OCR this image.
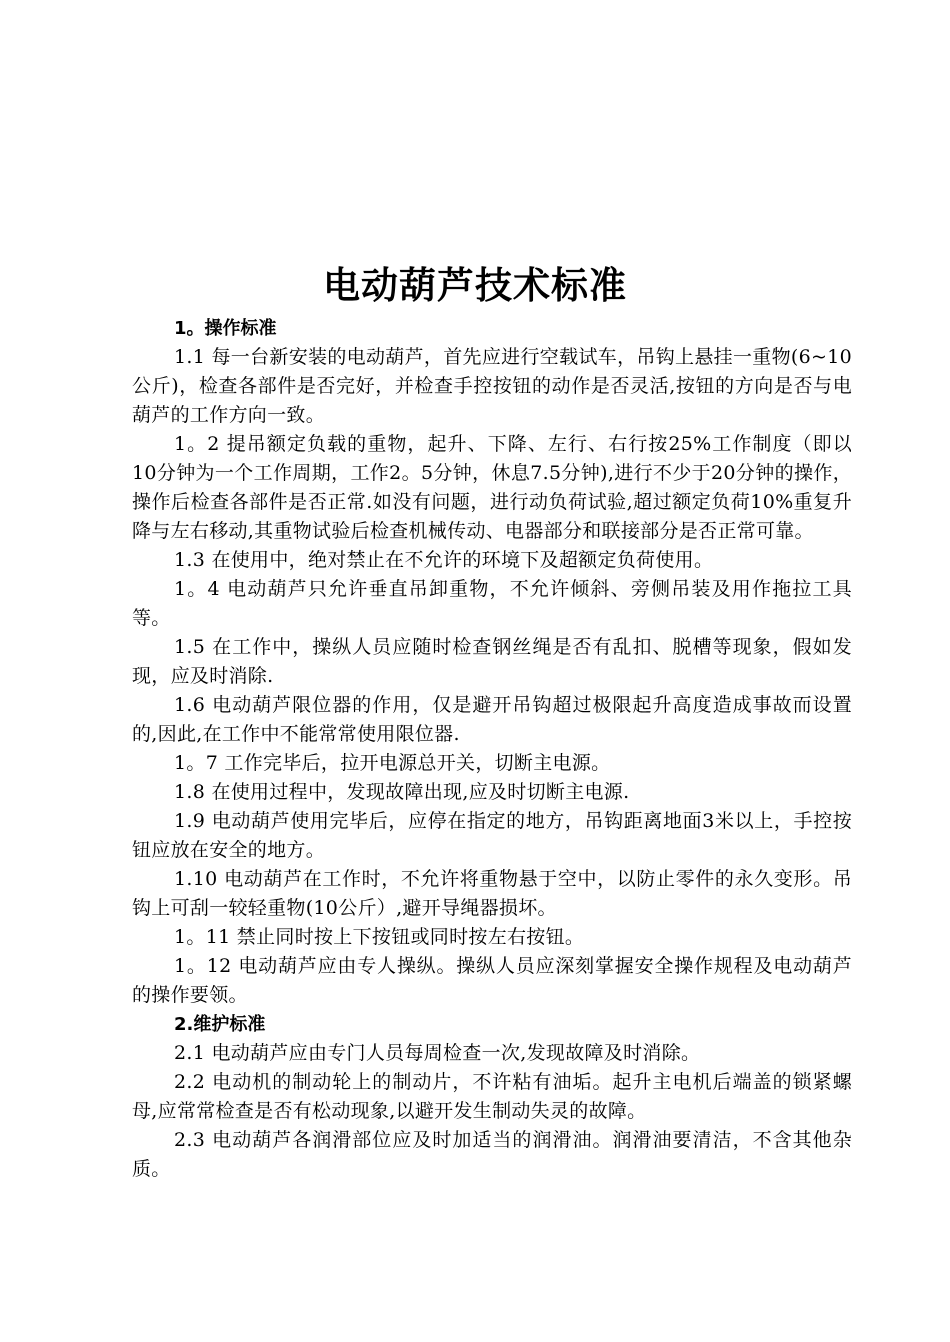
电动葫芦技术标准
1。操作标准

1.1 每一台新安装的电动葫芦，首先应进行空载试车，吊钩上悬挂一重物(6~10公斤)，检查各部件是否完好，并检查手控按钮的动作是否灵活,按钮的方向是否与电葫芦的工作方向一致。

1。2 提吊额定负载的重物，起升、下降、左行、右行按25%工作制度（即以10分钟为一个工作周期，工作2。5分钟，休息7.5分钟),进行不少于20分钟的操作，操作后检查各部件是否正常.如没有问题，进行动负荷试验,超过额定负荷10%重复升降与左右移动,其重物试验后检查机械传动、电器部分和联接部分是否正常可靠。

1.3 在使用中，绝对禁止在不允许的环境下及超额定负荷使用。

1。4 电动葫芦只允许垂直吊卸重物，不允许倾斜、旁侧吊装及用作拖拉工具等。

1.5 在工作中，操纵人员应随时检查钢丝绳是否有乱扣、脱槽等现象，假如发现，应及时消除.

1.6 电动葫芦限位器的作用，仅是避开吊钩超过极限起升高度造成事故而设置的,因此,在工作中不能常常使用限位器.

1。7 工作完毕后，拉开电源总开关，切断主电源。

1.8 在使用过程中，发现故障出现,应及时切断主电源.

1.9 电动葫芦使用完毕后，应停在指定的地方，吊钩距离地面3米以上，手控按钮应放在安全的地方。

1.10 电动葫芦在工作时，不允许将重物悬于空中，以防止零件的永久变形。吊钩上可刮一较轻重物(10公斤）,避开导绳器损坏。

1。11 禁止同时按上下按钮或同时按左右按钮。

1。12 电动葫芦应由专人操纵。操纵人员应深刻掌握安全操作规程及电动葫芦的操作要领。

2.维护标准

2.1 电动葫芦应由专门人员每周检查一次,发现故障及时消除。

2.2 电动机的制动轮上的制动片，不许粘有油垢。起升主电机后端盖的锁紧螺母,应常常检查是否有松动现象,以避开发生制动失灵的故障。

2.3 电动葫芦各润滑部位应及时加适当的润滑油。润滑油要清洁，不含其他杂质。
